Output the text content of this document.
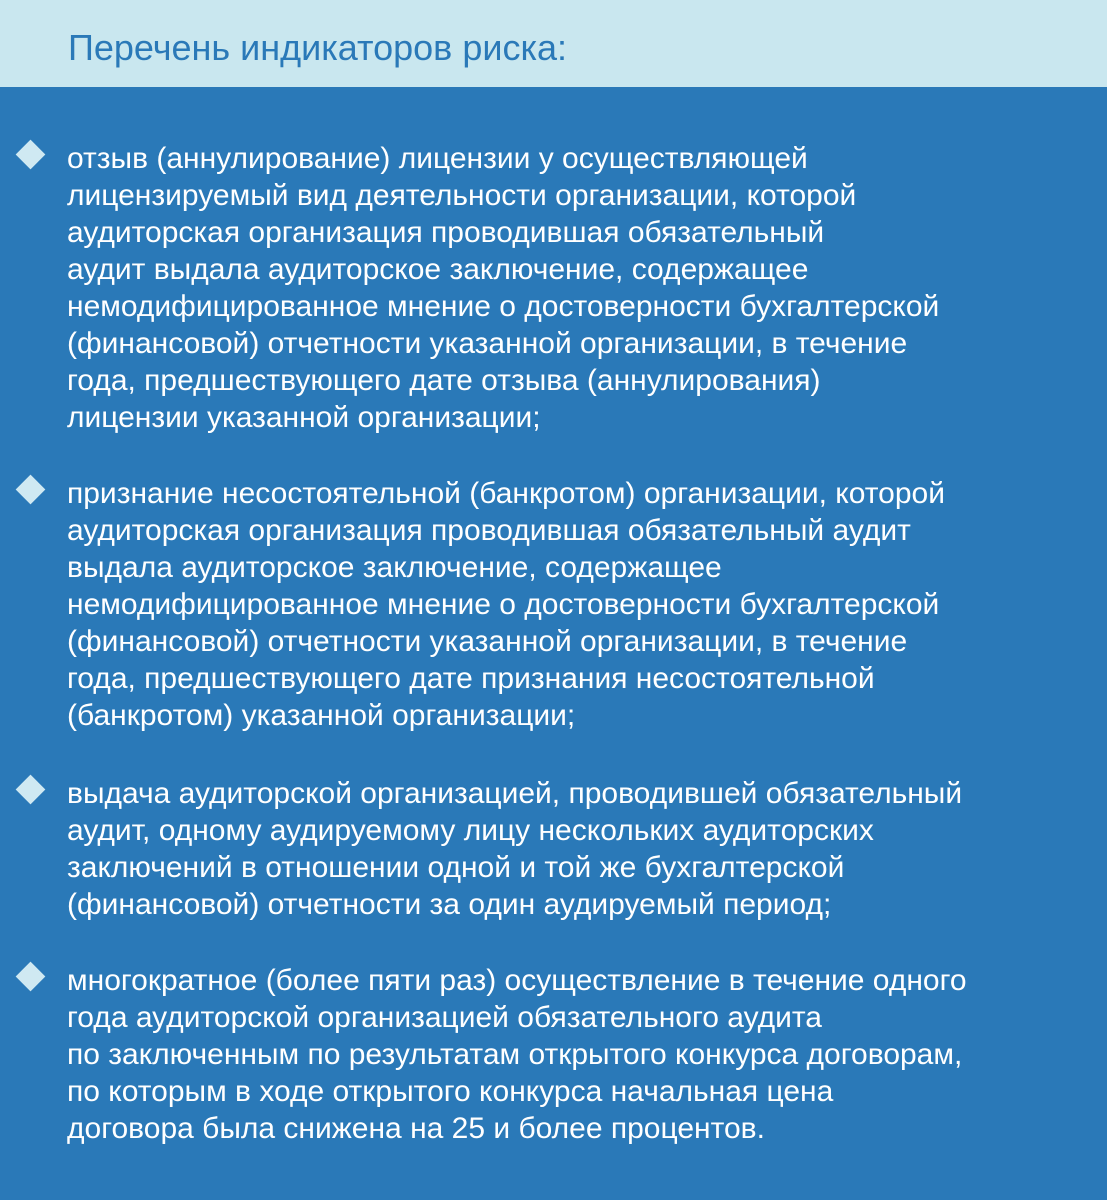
Перечень индикаторов риска:
отзыв (аннулирование) лицензии у осуществляющей
лицензируемый вид деятельности организации, которой
аудиторская организация проводившая обязательный
аудит выдала аудиторское заключение, содержащее
немодифицированное мнение о достоверности бухгалтерской
(финансовой) отчетности указанной организации, в течение
года, предшествующего дате отзыва (аннулирования)
лицензии указанной организации;
признание несостоятельной (банкротом) организации, которой
аудиторская организация проводившая обязательный аудит
выдала аудиторское заключение, содержащее
немодифицированное мнение о достоверности бухгалтерской
(финансовой) отчетности указанной организации, в течение
года, предшествующего дате признания несостоятельной
(банкротом) указанной организации;
выдача аудиторской организацией, проводившей обязательный
аудит, одному аудируемому лицу нескольких аудиторских
заключений в отношении одной и той же бухгалтерской
(финансовой) отчетности за один аудируемый период;
многократное (более пяти раз) осуществление в течение одного
года аудиторской организацией обязательного аудита
по заключенным по результатам открытого конкурса договорам,
по которым в ходе открытого конкурса начальная цена
договора была снижена на 25 и более процентов.
